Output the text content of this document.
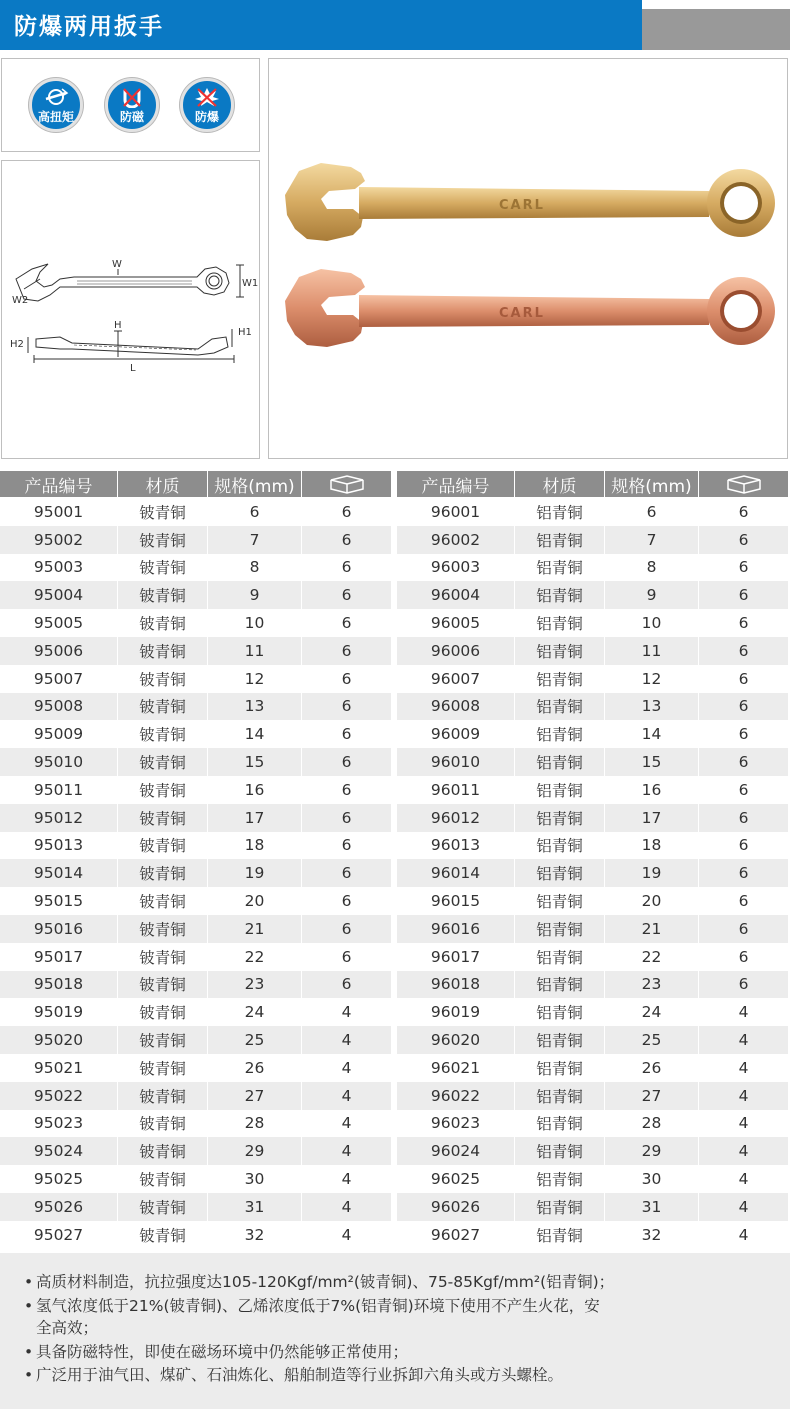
防爆两用扳手
高扭矩	防磁	防爆
W
W1
W2
H
H1
H2
L
CARL
CARL
产品编号	材质	规格(mm)
95001	铍青铜	6	6
95002	铍青铜	7	6
95003	铍青铜	8	6
95004	铍青铜	9	6
95005	铍青铜	10	6
95006	铍青铜	11	6
95007	铍青铜	12	6
95008	铍青铜	13	6
95009	铍青铜	14	6
95010	铍青铜	15	6
95011	铍青铜	16	6
95012	铍青铜	17	6
95013	铍青铜	18	6
95014	铍青铜	19	6
95015	铍青铜	20	6
95016	铍青铜	21	6
95017	铍青铜	22	6
95018	铍青铜	23	6
95019	铍青铜	24	4
95020	铍青铜	25	4
95021	铍青铜	26	4
95022	铍青铜	27	4
95023	铍青铜	28	4
95024	铍青铜	29	4
95025	铍青铜	30	4
95026	铍青铜	31	4
95027	铍青铜	32	4
产品编号	材质	规格(mm)
96001	铝青铜	6	6
96002	铝青铜	7	6
96003	铝青铜	8	6
96004	铝青铜	9	6
96005	铝青铜	10	6
96006	铝青铜	11	6
96007	铝青铜	12	6
96008	铝青铜	13	6
96009	铝青铜	14	6
96010	铝青铜	15	6
96011	铝青铜	16	6
96012	铝青铜	17	6
96013	铝青铜	18	6
96014	铝青铜	19	6
96015	铝青铜	20	6
96016	铝青铜	21	6
96017	铝青铜	22	6
96018	铝青铜	23	6
96019	铝青铜	24	4
96020	铝青铜	25	4
96021	铝青铜	26	4
96022	铝青铜	27	4
96023	铝青铜	28	4
96024	铝青铜	29	4
96025	铝青铜	30	4
96026	铝青铜	31	4
96027	铝青铜	32	4
• 高质材料制造，抗拉强度达105-120Kgf/mm²(铍青铜)、75-85Kgf/mm²(铝青铜)；
• 氢气浓度低于21%(铍青铜)、乙烯浓度低于7%(铝青铜)环境下使用不产生火花，安
全高效；
• 具备防磁特性，即使在磁场环境中仍然能够正常使用；
• 广泛用于油气田、煤矿、石油炼化、船舶制造等行业拆卸六角头或方头螺栓。
